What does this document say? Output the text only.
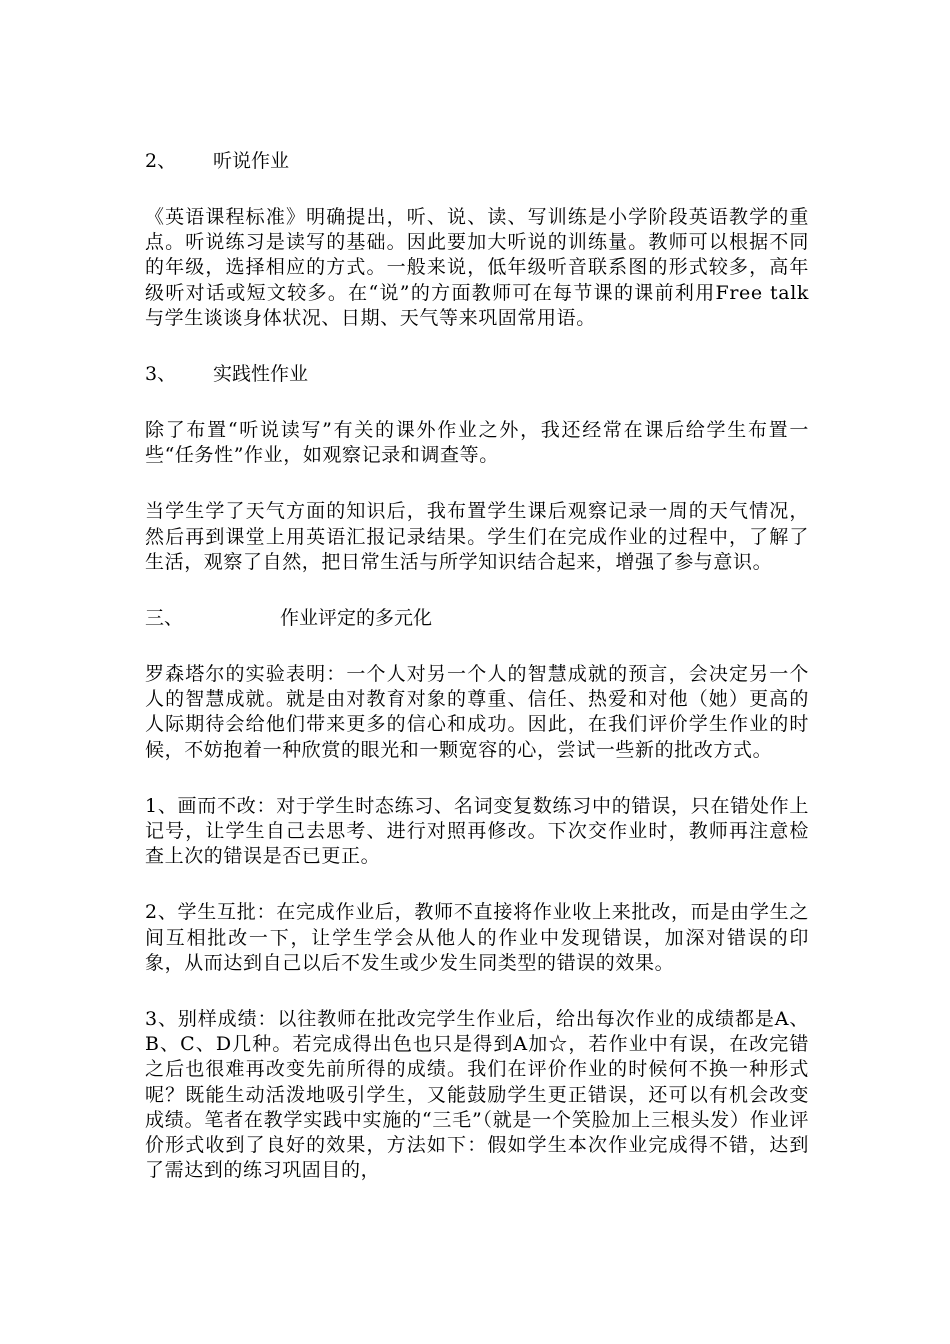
2、 听说作业

《英语课程标准》明确提出，听、说、读、写训练是小学阶段英语教学的重点。听说练习是读写的基础。因此要加大听说的训练量。教师可以根据不同的年级，选择相应的方式。一般来说，低年级听音联系图的形式较多，高年级听对话或短文较多。在“说”的方面教师可在每节课的课前利用Free talk 与学生谈谈身体状况、日期、天气等来巩固常用语。

3、 实践性作业

除了布置“听说读写”有关的课外作业之外，我还经常在课后给学生布置一些“任务性”作业，如观察记录和调查等。

当学生学了天气方面的知识后，我布置学生课后观察记录一周的天气情况，然后再到课堂上用英语汇报记录结果。学生们在完成作业的过程中，了解了生活，观察了自然，把日常生活与所学知识结合起来，增强了参与意识。

三、	作业评定的多元化

罗森塔尔的实验表明：一个人对另一个人的智慧成就的预言，会决定另一个人的智慧成就。就是由对教育对象的尊重、信任、热爱和对他（她）更高的人际期待会给他们带来更多的信心和成功。因此，在我们评价学生作业的时候，不妨抱着一种欣赏的眼光和一颗宽容的心，尝试一些新的批改方式。

1、画而不改：对于学生时态练习、名词变复数练习中的错误，只在错处作上记号，让学生自己去思考、进行对照再修改。下次交作业时，教师再注意检查上次的错误是否已更正。

2、学生互批：在完成作业后，教师不直接将作业收上来批改，而是由学生之间互相批改一下，让学生学会从他人的作业中发现错误，加深对错误的印象，从而达到自己以后不发生或少发生同类型的错误的效果。

3、别样成绩：以往教师在批改完学生作业后，给出每次作业的成绩都是A、B、C、D几种。若完成得出色也只是得到A加☆，若作业中有误，在改完错之后也很难再改变先前所得的成绩。我们在评价作业的时候何不换一种形式呢？既能生动活泼地吸引学生，又能鼓励学生更正错误，还可以有机会改变成绩。笔者在教学实践中实施的“三毛”（就是一个笑脸加上三根头发）作业评价形式收到了良好的效果，方法如下：假如学生本次作业完成得不错，达到了需达到的练习巩固目的，
